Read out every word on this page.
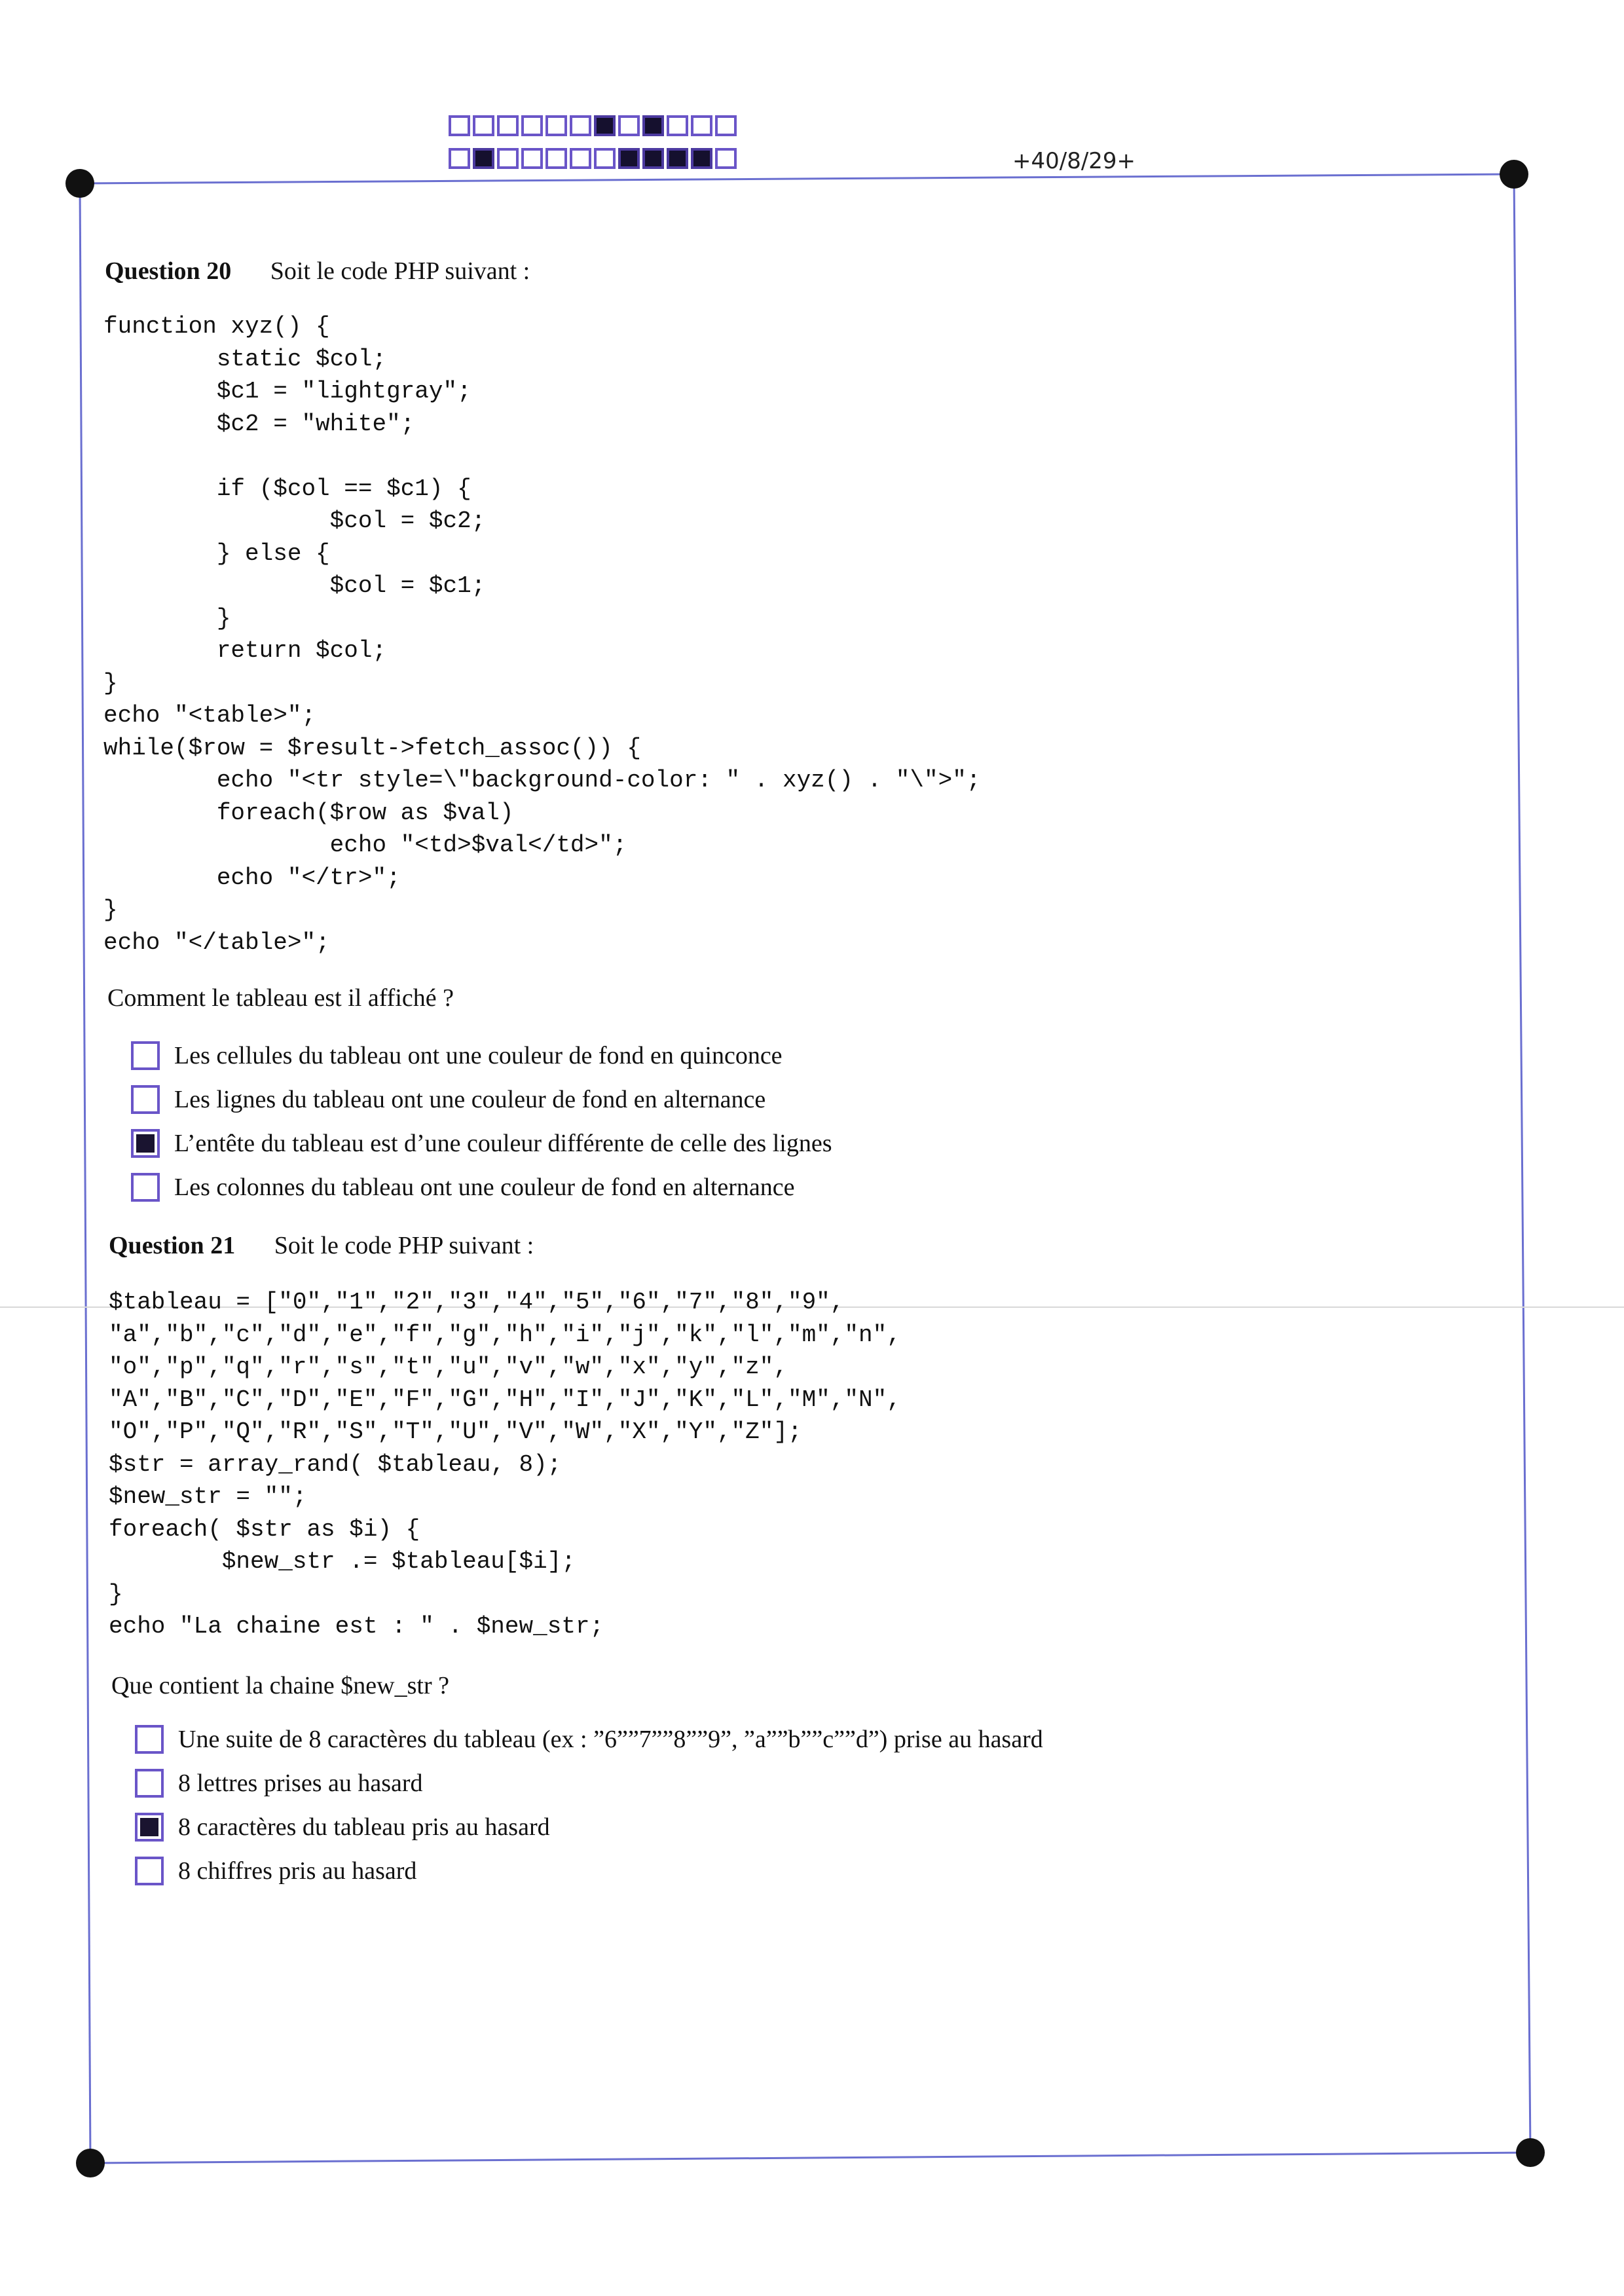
+40/8/29+
Question 20 Soit le code PHP suivant :
function xyz() {
static $col;
$c1 = "lightgray";
$c2 = "white";

if ($col == $c1) {
$col = $c2;
} else {
$col = $c1;
}
return $col;
}
echo "<table>";
while($row = $result->fetch_assoc()) {
echo "<tr style=\"background-color: " . xyz() . "\">";
foreach($row as $val)
echo "<td>$val</td>";
echo "</tr>";
}
echo "</table>";
Comment le tableau est il affiché ?
Les cellules du tableau ont une couleur de fond en quinconce
Les lignes du tableau ont une couleur de fond en alternance
L’entête du tableau est d’une couleur différente de celle des lignes
Les colonnes du tableau ont une couleur de fond en alternance
Question 21 Soit le code PHP suivant :
$tableau = ["0","1","2","3","4","5","6","7","8","9",
"a","b","c","d","e","f","g","h","i","j","k","l","m","n",
"o","p","q","r","s","t","u","v","w","x","y","z",
"A","B","C","D","E","F","G","H","I","J","K","L","M","N",
"O","P","Q","R","S","T","U","V","W","X","Y","Z"];
$str = array_rand( $tableau, 8);
$new_str = "";
foreach( $str as $i) {
$new_str .= $tableau[$i];
}
echo "La chaine est : " . $new_str;
Que contient la chaine $new_str ?
Une suite de 8 caractères du tableau (ex : ”6””7””8””9”, ”a””b””c””d”) prise au hasard
8 lettres prises au hasard
8 caractères du tableau pris au hasard
8 chiffres pris au hasard
